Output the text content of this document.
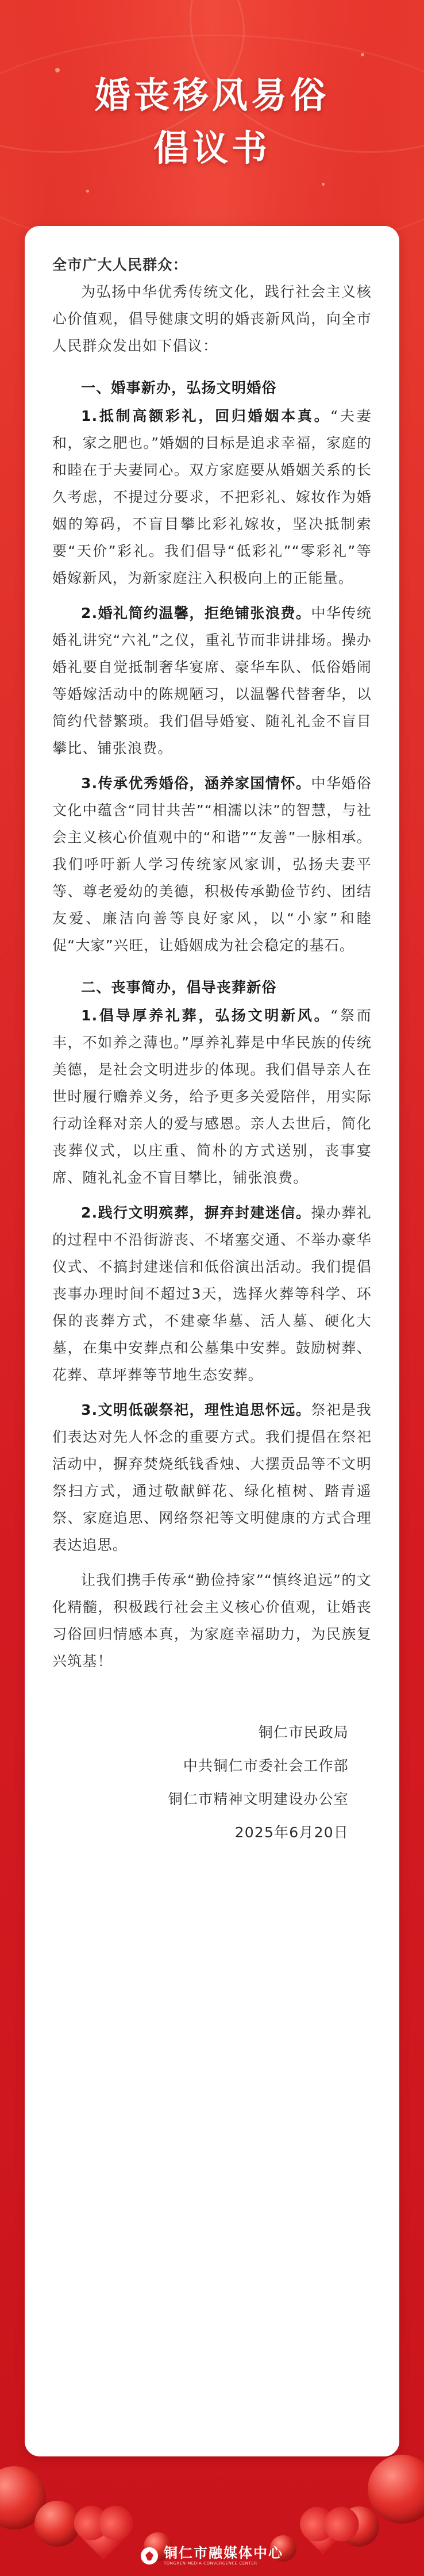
婚丧移风易俗
倡议书

全市广大人民群众：

为弘扬中华优秀传统文化，践行社会主义核心价值观，倡导健康文明的婚丧新风尚，向全市人民群众发出如下倡议：

一、婚事新办，弘扬文明婚俗

1.抵制高额彩礼，回归婚姻本真。“夫妻和，家之肥也。”婚姻的目标是追求幸福，家庭的和睦在于夫妻同心。双方家庭要从婚姻关系的长久考虑，不提过分要求，不把彩礼、嫁妆作为婚姻的筹码，不盲目攀比彩礼嫁妆，坚决抵制索要“天价”彩礼。我们倡导“低彩礼”“零彩礼”等婚嫁新风，为新家庭注入积极向上的正能量。

2.婚礼简约温馨，拒绝铺张浪费。中华传统婚礼讲究“六礼”之仪，重礼节而非讲排场。操办婚礼要自觉抵制奢华宴席、豪华车队、低俗婚闹等婚嫁活动中的陈规陋习，以温馨代替奢华，以简约代替繁琐。我们倡导婚宴、随礼礼金不盲目攀比、铺张浪费。

3.传承优秀婚俗，涵养家国情怀。中华婚俗文化中蕴含“同甘共苦”“相濡以沫”的智慧，与社会主义核心价值观中的“和谐”“友善”一脉相承。我们呼吁新人学习传统家风家训，弘扬夫妻平等、尊老爱幼的美德，积极传承勤俭节约、团结友爱、廉洁向善等良好家风，以“小家”和睦促“大家”兴旺，让婚姻成为社会稳定的基石。

二、丧事简办，倡导丧葬新俗

1.倡导厚养礼葬，弘扬文明新风。“祭而丰，不如养之薄也。”厚养礼葬是中华民族的传统美德，是社会文明进步的体现。我们倡导亲人在世时履行赡养义务，给予更多关爱陪伴，用实际行动诠释对亲人的爱与感恩。亲人去世后，简化丧葬仪式，以庄重、简朴的方式送别，丧事宴席、随礼礼金不盲目攀比，铺张浪费。

2.践行文明殡葬，摒弃封建迷信。操办葬礼的过程中不沿街游丧、不堵塞交通、不举办豪华仪式、不搞封建迷信和低俗演出活动。我们提倡丧事办理时间不超过3天，选择火葬等科学、环保的丧葬方式，不建豪华墓、活人墓、硬化大墓，在集中安葬点和公墓集中安葬。鼓励树葬、花葬、草坪葬等节地生态安葬。

3.文明低碳祭祀，理性追思怀远。祭祀是我们表达对先人怀念的重要方式。我们提倡在祭祀活动中，摒弃焚烧纸钱香烛、大摆贡品等不文明祭扫方式，通过敬献鲜花、绿化植树、踏青遥祭、家庭追思、网络祭祀等文明健康的方式合理表达追思。

让我们携手传承“勤俭持家”“慎终追远”的文化精髓，积极践行社会主义核心价值观，让婚丧习俗回归情感本真，为家庭幸福助力，为民族复兴筑基！

铜仁市民政局
中共铜仁市委社会工作部
铜仁市精神文明建设办公室
2025年6月20日
铜仁市融媒体中心
TONGREN MEDIA CONVERGENCE CENTER
